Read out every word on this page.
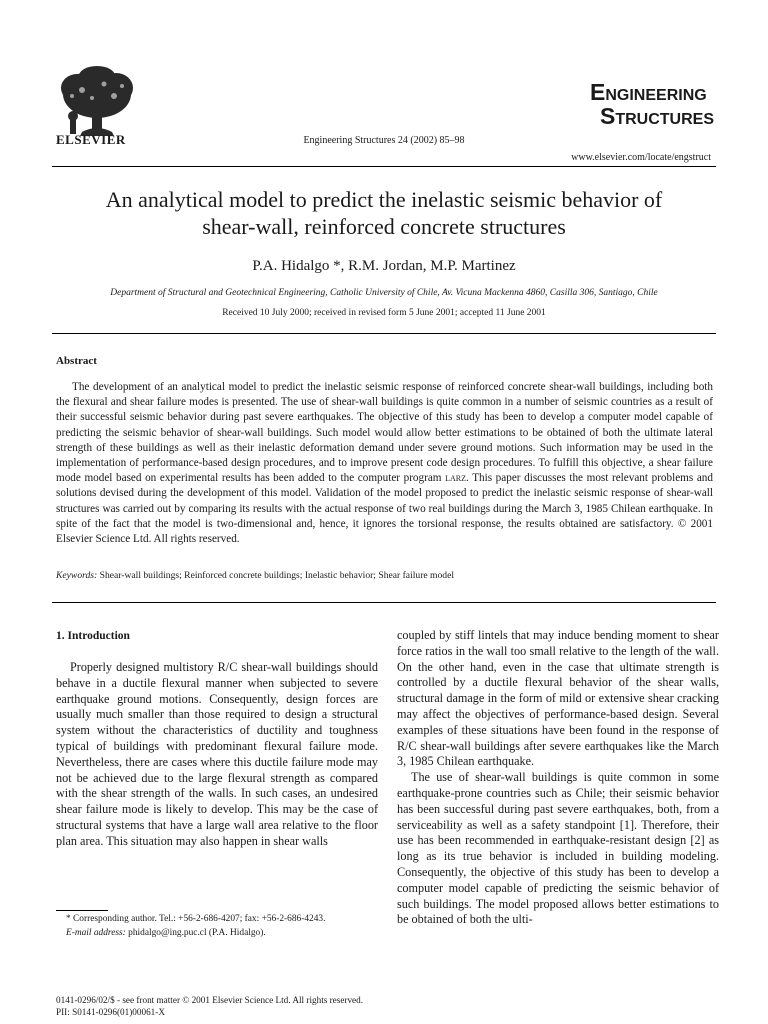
ELSEVIER	Engineering Structures 24 (2002) 85–98
ENGINEERING
STRUCTURES
www.elsevier.com/locate/engstruct
An analytical model to predict the inelastic seismic behavior of
shear-wall, reinforced concrete structures
P.A. Hidalgo *, R.M. Jordan, M.P. Martinez
Department of Structural and Geotechnical Engineering, Catholic University of Chile, Av. Vicuna Mackenna 4860, Casilla 306, Santiago, Chile
Received 10 July 2000; received in revised form 5 June 2001; accepted 11 June 2001
Abstract

The development of an analytical model to predict the inelastic seismic response of reinforced concrete shear-wall buildings, including both the flexural and shear failure modes is presented. The use of shear-wall buildings is quite common in a number of seismic countries as a result of their successful seismic behavior during past severe earthquakes. The objective of this study has been to develop a computer model capable of predicting the seismic behavior of shear-wall buildings. Such model would allow better estimations to be obtained of both the ultimate lateral strength of these buildings as well as their inelastic deformation demand under severe ground motions. Such information may be used in the implementation of performance-based design procedures, and to improve present code design procedures. To fulfill this objective, a shear failure mode model based on experimental results has been added to the computer program larz. This paper discusses the most relevant problems and solutions devised during the development of this model. Validation of the model proposed to predict the inelastic seismic response of shear-wall structures was carried out by comparing its results with the actual response of two real buildings during the March 3, 1985 Chilean earthquake. In spite of the fact that the model is two-dimensional and, hence, it ignores the torsional response, the results obtained are satisfactory. © 2001 Elsevier Science Ltd. All rights reserved.

Keywords: Shear-wall buildings; Reinforced concrete buildings; Inelastic behavior; Shear failure model
1. Introduction

Properly designed multistory R/C shear-wall buildings should behave in a ductile flexural manner when subjected to severe earthquake ground motions. Consequently, design forces are usually much smaller than those required to design a structural system without the characteristics of ductility and toughness typical of buildings with predominant flexural failure mode. Nevertheless, there are cases where this ductile failure mode may not be achieved due to the large flexural strength as compared with the shear strength of the walls. In such cases, an undesired shear failure mode is likely to develop. This may be the case of structural systems that have a large wall area relative to the floor plan area. This situation may also happen in shear walls

coupled by stiff lintels that may induce bending moment to shear force ratios in the wall too small relative to the length of the wall. On the other hand, even in the case that ultimate strength is controlled by a ductile flexural behavior of the shear walls, structural damage in the form of mild or extensive shear cracking may affect the objectives of performance-based design. Several examples of these situations have been found in the response of R/C shear-wall buildings after severe earthquakes like the March 3, 1985 Chilean earthquake.

The use of shear-wall buildings is quite common in some earthquake-prone countries such as Chile; their seismic behavior has been successful during past severe earthquakes, both, from a serviceability as well as a safety standpoint [1]. Therefore, their use has been recommended in earthquake-resistant design [2] as long as its true behavior is included in building modeling. Consequently, the objective of this study has been to develop a computer model capable of predicting the seismic behavior of such buildings. The model proposed allows better estimations to be obtained of both the ulti-

* Corresponding author. Tel.: +56-2-686-4207; fax: +56-2-686-4243.
E-mail address: phidalgo@ing.puc.cl (P.A. Hidalgo).
0141-0296/02/$ - see front matter © 2001 Elsevier Science Ltd. All rights reserved.
PII: S0141-0296(01)00061-X
